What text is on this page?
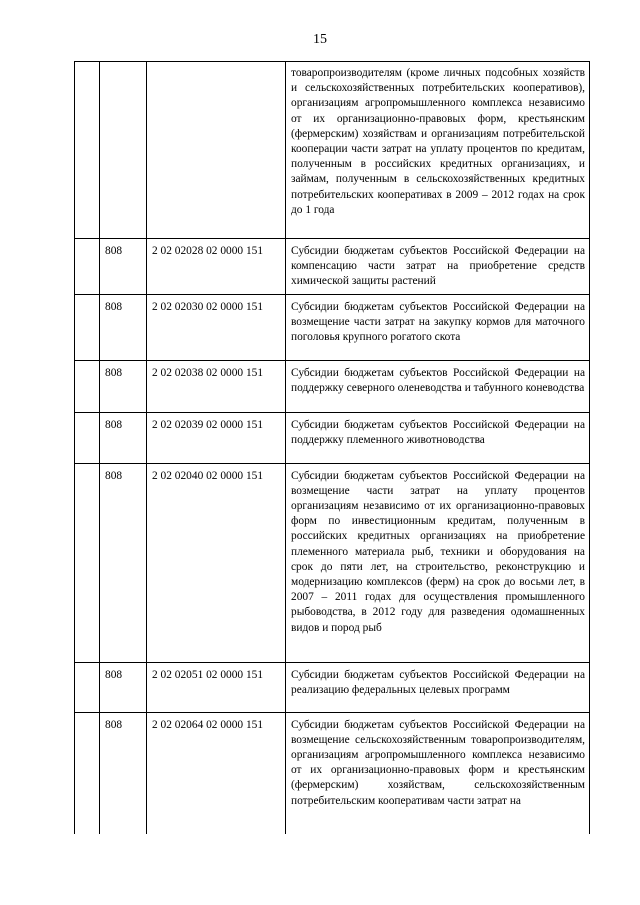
15
			товаропроизводителям (кроме личных подсобных хозяйств и сельскохозяйственных потребительских кооперативов), организациям агропромышленного комплекса независимо от их организационно-правовых форм, крестьянским (фермерским) хозяйствам и организациям потребительской кооперации части затрат на уплату процентов по кредитам, полученным в российских кредитных организациях, и займам, полученным в сельскохозяйственных кредитных потребительских кооперативах в 2009 – 2012 годах на срок до 1 года
	808	2 02 02028 02 0000 151	Субсидии бюджетам субъектов Российской Федерации на компенсацию части затрат на приобретение средств химической защиты растений
	808	2 02 02030 02 0000 151	Субсидии бюджетам субъектов Российской Федерации на возмещение части затрат на закупку кормов для маточного поголовья крупного рогатого скота
	808	2 02 02038 02 0000 151	Субсидии бюджетам субъектов Российской Федерации на поддержку северного оленеводства и табунного коневодства
	808	2 02 02039 02 0000 151	Субсидии бюджетам субъектов Российской Федерации на поддержку племенного животноводства
	808	2 02 02040 02 0000 151	Субсидии бюджетам субъектов Российской Федерации на возмещение части затрат на уплату процентов организациям независимо от их организационно-правовых форм по инвестиционным кредитам, полученным в российских кредитных организациях на приобретение племенного материала рыб, техники и оборудования на срок до пяти лет, на строительство, реконструкцию и модернизацию комплексов (ферм) на срок до восьми лет, в 2007 – 2011 годах для осуществления промышленного рыбоводства, в 2012 году для разведения одомашненных видов и пород рыб
	808	2 02 02051 02 0000 151	Субсидии бюджетам субъектов Российской Федерации на реализацию федеральных целевых программ
	808	2 02 02064 02 0000 151	Субсидии бюджетам субъектов Российской Федерации на возмещение сельскохозяйственным товаропроизводителям, организациям агропромышленного комплекса независимо от их организационно-правовых форм и крестьянским (фермерским) хозяйствам, сельскохозяйственным потребительским кооперативам части затрат на
